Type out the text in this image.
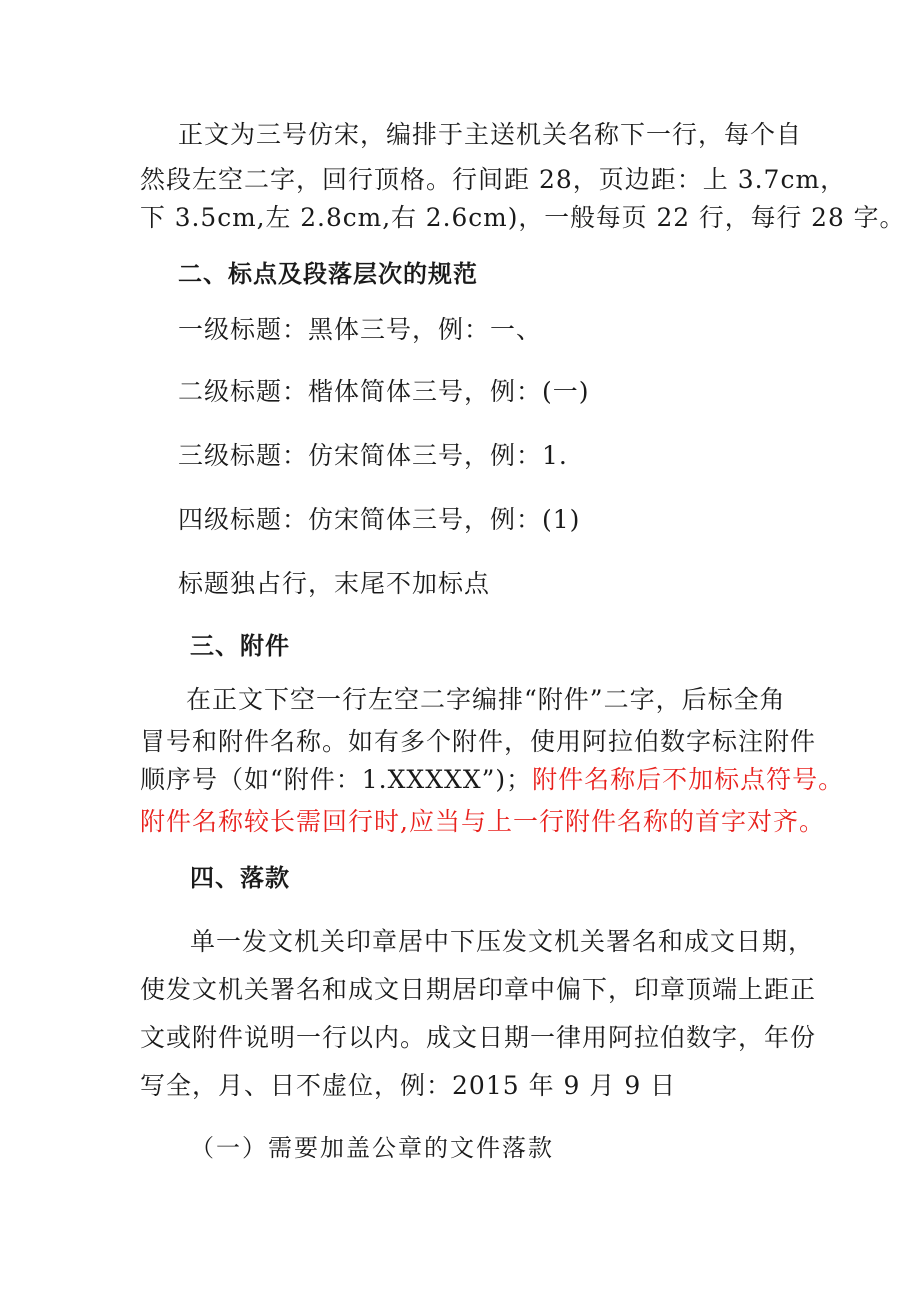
正文为三号仿宋，编排于主送机关名称下一行，每个自
然段左空二字，回行顶格。行间距 28，页边距：上 3.7cm，
下 3.5cm,左 2.8cm,右 2.6cm)，一般每页 22 行，每行 28 字。
二、标点及段落层次的规范
一级标题：黑体三号，例：一、
二级标题：楷体简体三号，例：(一)
三级标题：仿宋简体三号，例：1.
四级标题：仿宋简体三号，例：(1)
标题独占行，末尾不加标点
三、附件
在正文下空一行左空二字编排“附件”二字，后标全角
冒号和附件名称。如有多个附件，使用阿拉伯数字标注附件
顺序号（如“附件：1.XXXXX”)；附件名称后不加标点符号。
附件名称较长需回行时,应当与上一行附件名称的首字对齐。
四、落款
单一发文机关印章居中下压发文机关署名和成文日期，
使发文机关署名和成文日期居印章中偏下，印章顶端上距正
文或附件说明一行以内。成文日期一律用阿拉伯数字，年份
写全，月、日不虚位，例：2015 年 9 月 9 日
（一）需要加盖公章的文件落款
